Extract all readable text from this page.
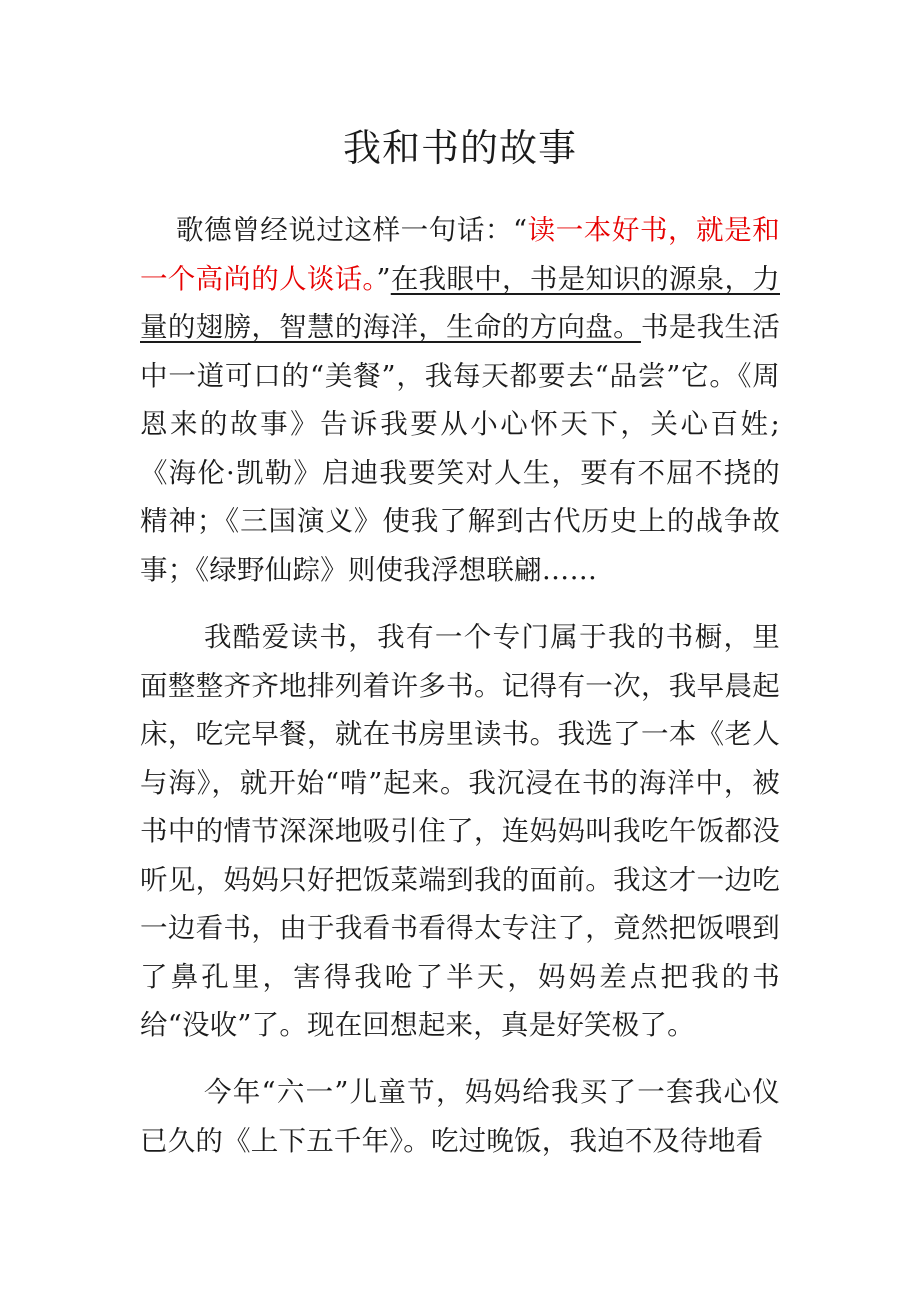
我和书的故事

歌德曾经说过这样一句话：“读一本好书，就是和一个高尚的人谈话。”在我眼中，书是知识的源泉，力量的翅膀，智慧的海洋，生命的方向盘。书是我生活中一道可口的“美餐”，我每天都要去“品尝”它。《周恩来的故事》告诉我要从小心怀天下，关心百姓;《海伦·凯勒》启迪我要笑对人生，要有不屈不挠的精神；《三国演义》使我了解到古代历史上的战争故事；《绿野仙踪》则使我浮想联翩……

我酷爱读书，我有一个专门属于我的书橱，里面整整齐齐地排列着许多书。记得有一次，我早晨起床，吃完早餐，就在书房里读书。我选了一本《老人与海》，就开始“啃”起来。我沉浸在书的海洋中，被书中的情节深深地吸引住了，连妈妈叫我吃午饭都没听见，妈妈只好把饭菜端到我的面前。我这才一边吃一边看书，由于我看书看得太专注了，竟然把饭喂到了鼻孔里，害得我呛了半天，妈妈差点把我的书给“没收”了。现在回想起来，真是好笑极了。

今年“六一”儿童节，妈妈给我买了一套我心仪已久的《上下五千年》。吃过晚饭，我迫不及待地看
